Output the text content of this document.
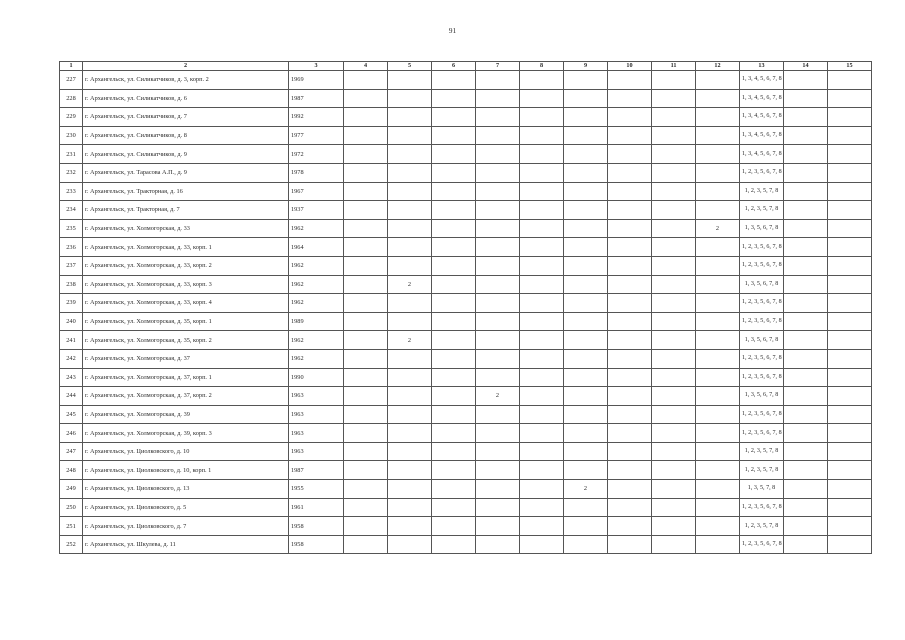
91
1	2	3	4	5	6	7	8	9	10	11	12	13	14	15
227	г. Архангельск, ул. Силикатчиков, д. 3, корп. 2	1969										1, 3, 4, 5, 6, 7, 8		
228	г. Архангельск, ул. Силикатчиков, д. 6	1987										1, 3, 4, 5, 6, 7, 8		
229	г. Архангельск, ул. Силикатчиков, д. 7	1992										1, 3, 4, 5, 6, 7, 8		
230	г. Архангельск, ул. Силикатчиков, д. 8	1977										1, 3, 4, 5, 6, 7, 8		
231	г. Архангельск, ул. Силикатчиков, д. 9	1972										1, 3, 4, 5, 6, 7, 8		
232	г. Архангельск, ул. Тарасова А.П., д. 9	1978										1, 2, 3, 5, 6, 7, 8		
233	г. Архангельск, ул. Тракторная, д. 16	1967										1, 2, 3, 5, 7, 8		
234	г. Архангельск, ул. Тракторная, д. 7	1937										1, 2, 3, 5, 7, 8		
235	г. Архангельск, ул. Холмогорская, д. 33	1962									2	1, 3, 5, 6, 7, 8		
236	г. Архангельск, ул. Холмогорская, д. 33, корп. 1	1964										1, 2, 3, 5, 6, 7, 8		
237	г. Архангельск, ул. Холмогорская, д. 33, корп. 2	1962										1, 2, 3, 5, 6, 7, 8		
238	г. Архангельск, ул. Холмогорская, д. 33, корп. 3	1962		2								1, 3, 5, 6, 7, 8		
239	г. Архангельск, ул. Холмогорская, д. 33, корп. 4	1962										1, 2, 3, 5, 6, 7, 8		
240	г. Архангельск, ул. Холмогорская, д. 35, корп. 1	1989										1, 2, 3, 5, 6, 7, 8		
241	г. Архангельск, ул. Холмогорская, д. 35, корп. 2	1962		2								1, 3, 5, 6, 7, 8		
242	г. Архангельск, ул. Холмогорская, д. 37	1962										1, 2, 3, 5, 6, 7, 8		
243	г. Архангельск, ул. Холмогорская, д. 37, корп. 1	1990										1, 2, 3, 5, 6, 7, 8		
244	г. Архангельск, ул. Холмогорская, д. 37, корп. 2	1963				2						1, 3, 5, 6, 7, 8		
245	г. Архангельск, ул. Холмогорская, д. 39	1963										1, 2, 3, 5, 6, 7, 8		
246	г. Архангельск, ул. Холмогорская, д. 39, корп. 3	1963										1, 2, 3, 5, 6, 7, 8		
247	г. Архангельск, ул. Циолковского, д. 10	1963										1, 2, 3, 5, 7, 8		
248	г. Архангельск, ул. Циолковского, д. 10, корп. 1	1987										1, 2, 3, 5, 7, 8		
249	г. Архангельск, ул. Циолковского, д. 13	1955						2				1, 3, 5, 7, 8		
250	г. Архангельск, ул. Циолковского, д. 5	1961										1, 2, 3, 5, 6, 7, 8		
251	г. Архангельск, ул. Циолковского, д. 7	1958										1, 2, 3, 5, 7, 8		
252	г. Архангельск, ул. Шкулева, д. 11	1958										1, 2, 3, 5, 6, 7, 8		
